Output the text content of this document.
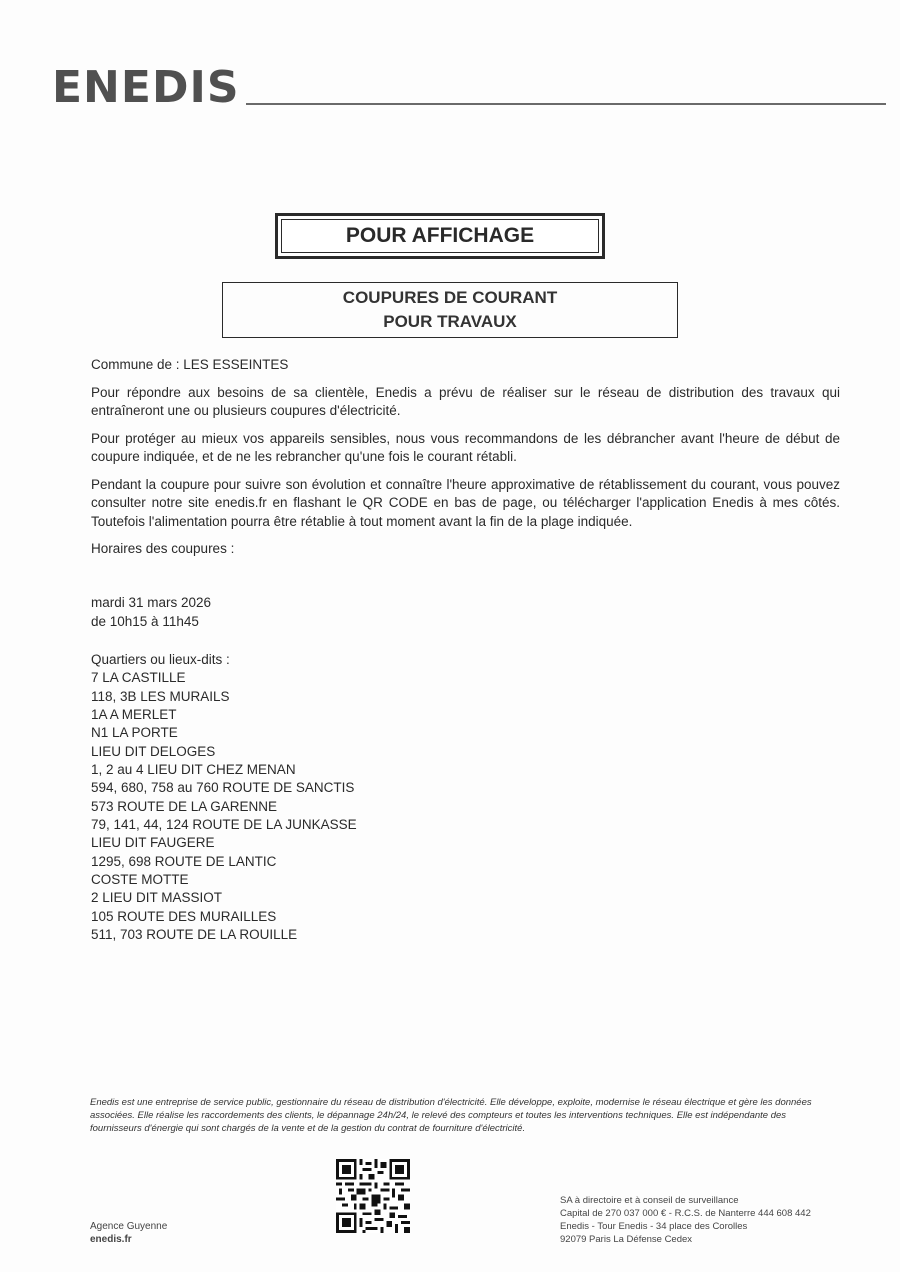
ENEDIS
POUR AFFICHAGE
COUPURES DE COURANT
POUR TRAVAUX

Commune de : LES ESSEINTES

Pour répondre aux besoins de sa clientèle, Enedis a prévu de réaliser sur le réseau de distribution des travaux qui entraîneront une ou plusieurs coupures d'électricité.

Pour protéger au mieux vos appareils sensibles, nous vous recommandons de les débrancher avant l'heure de début de coupure indiquée, et de ne les rebrancher qu'une fois le courant rétabli.

Pendant la coupure pour suivre son évolution et connaître l'heure approximative de rétablissement du courant, vous pouvez consulter notre site enedis.fr en flashant le QR CODE en bas de page, ou télécharger l'application Enedis à mes côtés. Toutefois l'alimentation pourra être rétablie à tout moment avant la fin de la plage indiquée.

Horaires des coupures :

mardi 31 mars 2026
de 10h15 à 11h45
Quartiers ou lieux-dits :
7 LA CASTILLE
118, 3B LES MURAILS
1A A MERLET
N1 LA PORTE
LIEU DIT DELOGES
1, 2 au 4 LIEU DIT CHEZ MENAN
594, 680, 758 au 760 ROUTE DE SANCTIS
573 ROUTE DE LA GARENNE
79, 141, 44, 124 ROUTE DE LA JUNKASSE
LIEU DIT FAUGERE
1295, 698 ROUTE DE LANTIC
COSTE MOTTE
2 LIEU DIT MASSIOT
105 ROUTE DES MURAILLES
511, 703 ROUTE DE LA ROUILLE
Enedis est une entreprise de service public, gestionnaire du réseau de distribution d'électricité. Elle développe, exploite, modernise le réseau électrique et gère les données associées. Elle réalise les raccordements des clients, le dépannage 24h/24, le relevé des compteurs et toutes les interventions techniques. Elle est indépendante des fournisseurs d'énergie qui sont chargés de la vente et de la gestion du contrat de fourniture d'électricité.
Agence Guyenne
enedis.fr
SA à directoire et à conseil de surveillance
Capital de 270 037 000 € - R.C.S. de Nanterre 444 608 442
Enedis - Tour Enedis - 34 place des Corolles
92079 Paris La Défense Cedex
